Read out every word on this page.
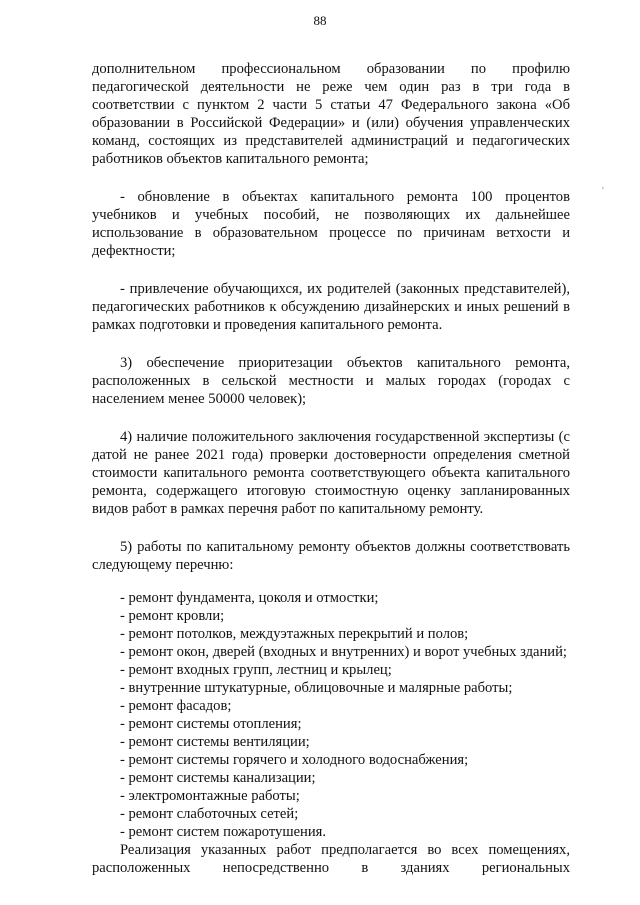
88

дополнительном профессиональном образовании по профилю педагогической деятельности не реже чем один раз в три года в соответствии с пунктом 2 части 5 статьи 47 Федерального закона «Об образовании в Российской Федерации» и (или) обучения управленческих команд, состоящих из представителей администраций и педагогических работников объектов капитального ремонта;

- обновление в объектах капитального ремонта 100 процентов учебников и учебных пособий, не позволяющих их дальнейшее использование в образовательном процессе по причинам ветхости и дефектности;

- привлечение обучающихся, их родителей (законных представителей), педагогических работников к обсуждению дизайнерских и иных решений в рамках подготовки и проведения капитального ремонта.

3) обеспечение приоритезации объектов капитального ремонта, расположенных в сельской местности и малых городах (городах с населением менее 50000 человек);

4) наличие положительного заключения государственной экспертизы (с датой не ранее 2021 года) проверки достоверности определения сметной стоимости капитального ремонта соответствующего объекта капитального ремонта, содержащего итоговую стоимостную оценку запланированных видов работ в рамках перечня работ по капитальному ремонту.

5) работы по капитальному ремонту объектов должны соответствовать следующему перечню:

- ремонт фундамента, цоколя и отмостки;

- ремонт кровли;

- ремонт потолков, междуэтажных перекрытий и полов;

- ремонт окон, дверей (входных и внутренних) и ворот учебных зданий;

- ремонт входных групп, лестниц и крылец;

- внутренние штукатурные, облицовочные и малярные работы;

- ремонт фасадов;

- ремонт системы отопления;

- ремонт системы вентиляции;

- ремонт системы горячего и холодного водоснабжения;

- ремонт системы канализации;

- электромонтажные работы;

- ремонт слаботочных сетей;

- ремонт систем пожаротушения.

Реализация указанных работ предполагается во всех помещениях, расположенных непосредственно в зданиях региональных

'
